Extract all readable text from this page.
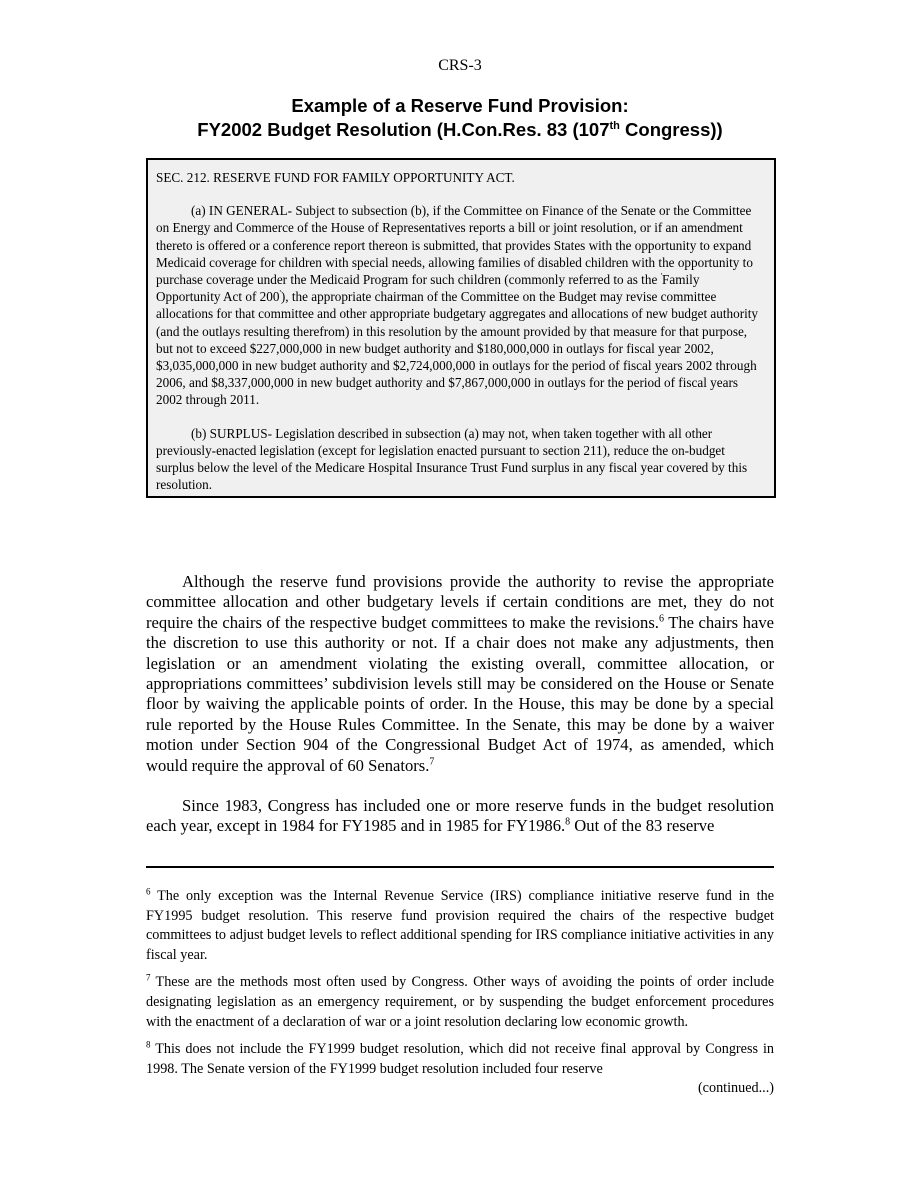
CRS-3
Example of a Reserve Fund Provision:
FY2002 Budget Resolution (H.Con.Res. 83 (107th Congress))

SEC. 212. RESERVE FUND FOR FAMILY OPPORTUNITY ACT.

(a) IN GENERAL- Subject to subsection (b), if the Committee on Finance of the Senate or the Committee on Energy and Commerce of the House of Representatives reports a bill or joint resolution, or if an amendment thereto is offered or a conference report thereon is submitted, that provides States with the opportunity to expand Medicaid coverage for children with special needs, allowing families of disabled children with the opportunity to purchase coverage under the Medicaid Program for such children (commonly referred to as the 'Family Opportunity Act of 200'), the appropriate chairman of the Committee on the Budget may revise committee allocations for that committee and other appropriate budgetary aggregates and allocations of new budget authority (and the outlays resulting therefrom) in this resolution by the amount provided by that measure for that purpose, but not to exceed $227,000,000 in new budget authority and $180,000,000 in outlays for fiscal year 2002, $3,035,000,000 in new budget authority and $2,724,000,000 in outlays for the period of fiscal years 2002 through 2006, and $8,337,000,000 in new budget authority and $7,867,000,000 in outlays for the period of fiscal years 2002 through 2011.

(b) SURPLUS- Legislation described in subsection (a) may not, when taken together with all other previously-enacted legislation (except for legislation enacted pursuant to section 211), reduce the on-budget surplus below the level of the Medicare Hospital Insurance Trust Fund surplus in any fiscal year covered by this resolution.

Although the reserve fund provisions provide the authority to revise the appropriate committee allocation and other budgetary levels if certain conditions are met, they do not require the chairs of the respective budget committees to make the revisions.$^6$ The chairs have the discretion to use this authority or not. If a chair does not make any adjustments, then legislation or an amendment violating the existing overall, committee allocation, or appropriations committees’ subdivision levels still may be considered on the House or Senate floor by waiving the applicable points of order. In the House, this may be done by a special rule reported by the House Rules Committee. In the Senate, this may be done by a waiver motion under Section 904 of the Congressional Budget Act of 1974, as amended, which would require the approval of 60 Senators.$^7$

Since 1983, Congress has included one or more reserve funds in the budget resolution each year, except in 1984 for FY1985 and in 1985 for FY1986.$^8$ Out of the 83 reserve

$^6$ The only exception was the Internal Revenue Service (IRS) compliance initiative reserve fund in the FY1995 budget resolution. This reserve fund provision required the chairs of the respective budget committees to adjust budget levels to reflect additional spending for IRS compliance initiative activities in any fiscal year.

$^7$ These are the methods most often used by Congress. Other ways of avoiding the points of order include designating legislation as an emergency requirement, or by suspending the budget enforcement procedures with the enactment of a declaration of war or a joint resolution declaring low economic growth.

$^8$ This does not include the FY1999 budget resolution, which did not receive final approval by Congress in 1998. The Senate version of the FY1999 budget resolution included four reserve

(continued...)
